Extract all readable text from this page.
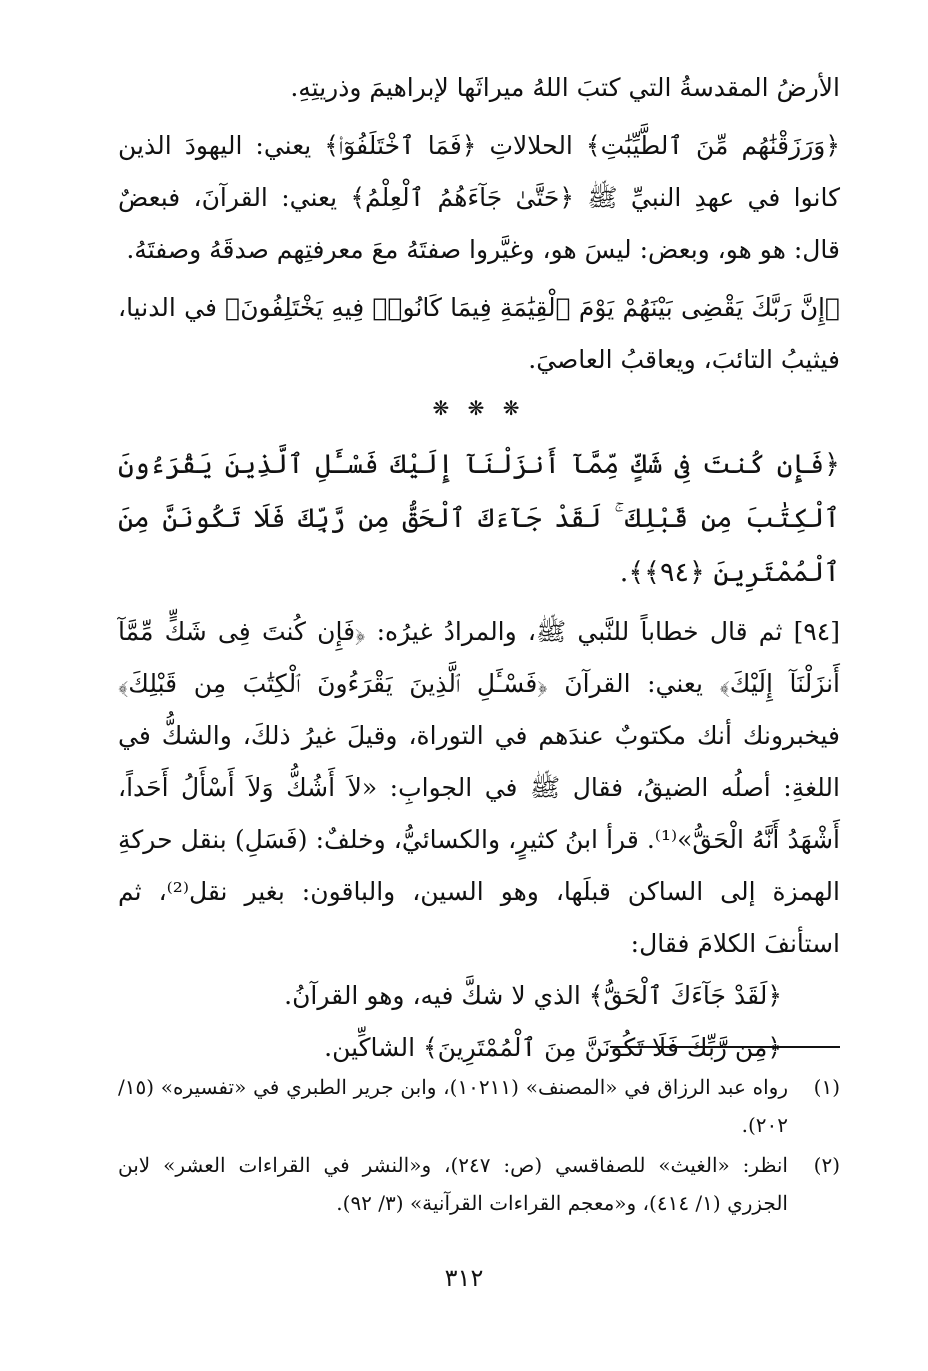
الأرضُ المقدسةُ التي كتبَ اللهُ ميراثَها لإبراهيمَ وذريتِهِ.

﴿وَرَزَقْنَٰهُم مِّنَ ٱلطَّيِّبَٰتِ﴾ الحلالاتِ ﴿فَمَا ٱخْتَلَفُوٓا۟﴾ يعني: اليهودَ الذين كانوا في عهدِ النبيِّ ﷺ ﴿حَتَّىٰ جَآءَهُمُ ٱلْعِلْمُ﴾ يعني: القرآنَ، فبعضٌ قال: هو هو، وبعض: ليسَ هو، وغيَّروا صفتَهُ معَ معرفتِهم صدقَهُ وصفتَهُ.

﴿إِنَّ رَبَّكَ يَقْضِى بَيْنَهُمْ يَوْمَ ٱلْقِيَٰمَةِ فِيمَا كَانُوا۟ فِيهِ يَخْتَلِفُونَ﴾ في الدنيا، فيثيبُ التائبَ، ويعاقبُ العاصيَ.

❋ ❋ ❋

﴿فَإِن كُنتَ فِى شَكٍّ مِّمَّآ أَنزَلْنَآ إِلَيْكَ فَسْـَٔلِ ٱلَّذِينَ يَقْرَءُونَ ٱلْكِتَٰبَ مِن قَبْلِكَ ۚ لَقَدْ جَآءَكَ ٱلْحَقُّ مِن رَّبِّكَ فَلَا تَكُونَنَّ مِنَ ٱلْمُمْتَرِينَ ﴿٩٤﴾﴾.

[٩٤] ثم قال خطاباً للنَّبي ﷺ، والمرادُ غيرُه: ﴿فَإِن كُنتَ فِى شَكٍّ مِّمَّآ أَنزَلْنَآ إِلَيْكَ﴾ يعني: القرآنَ ﴿فَسْـَٔلِ ٱلَّذِينَ يَقْرَءُونَ ٱلْكِتَٰبَ مِن قَبْلِكَ﴾ فيخبرونك أنك مكتوبٌ عندَهم في التوراة، وقيلَ غيرُ ذلكَ، والشكُّ في اللغةِ: أصلُه الضيقُ، فقال ﷺ في الجوابِ: «لاَ أَشُكُّ وَلاَ أَسْأَلُ أَحَداً، أَشْهَدُ أَنَّهُ الْحَقُّ»⁽¹⁾. قرأ ابنُ كثيرٍ، والكسائيُّ، وخلفٌ: (فَسَلِ) بنقل حركةِ الهمزة إلى الساكن قبلَها، وهو السين، والباقون: بغير نقل⁽²⁾، ثم استأنفَ الكلامَ فقال:

﴿لَقَدْ جَآءَكَ ٱلْحَقُّ﴾ الذي لا شكَّ فيه، وهو القرآنُ.

﴿مِن رَّبِّكَ فَلَا تَكُونَنَّ مِنَ ٱلْمُمْتَرِينَ﴾ الشاكِّين.

(١)
رواه عبد الرزاق في «المصنف» (١٠٢١١)، وابن جرير الطبري في «تفسيره» (١٥/ ٢٠٢).
(٢)
انظر: «الغيث» للصفاقسي (ص: ٢٤٧)، و«النشر في القراءات العشر» لابن الجزري (١/ ٤١٤)، و«معجم القراءات القرآنية» (٣/ ٩٢).
٣١٢
